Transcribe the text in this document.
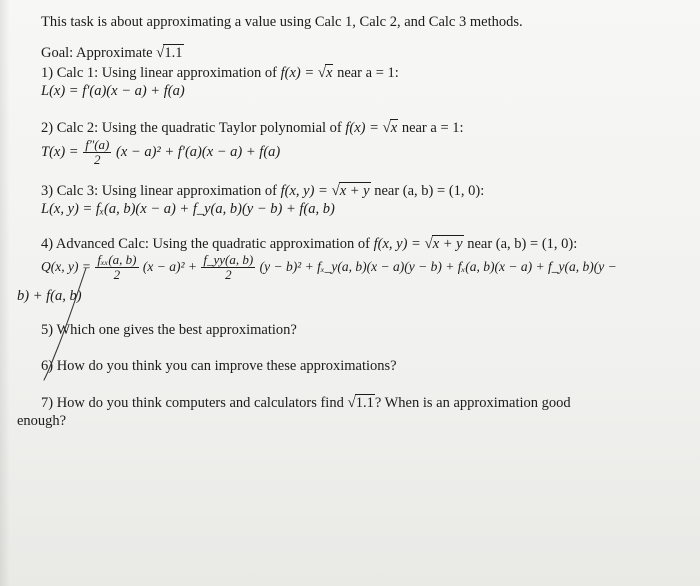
This task is about approximating a value using Calc 1, Calc 2, and Calc 3 methods.
Goal: Approximate √1.1
1) Calc 1: Using linear approximation of f(x) = √x near a = 1:
L(x) = f′(a)(x − a) + f(a)
2) Calc 2: Using the quadratic Taylor polynomial of f(x) = √x near a = 1:
$T(x) = \frac{f''(a)}{2} (x - a)^2 + f'(a)(x - a) + f(a)$
3) Calc 3: Using linear approximation of f(x, y) = √x + y near (a, b) = (1, 0):
L(x, y) = fₓ(a, b)(x − a) + f_y(a, b)(y − b) + f(a, b)
4) Advanced Calc: Using the quadratic approximation of f(x, y) = √x + y near (a, b) = (1, 0):
Q(x, $y) = \frac{\text{fₓₓ(a, b)}}{2} (x - a)^2 + \frac{f\_yy(a, b)}{2} (y - b)^2$ + fₓ_y(a, b)(x − a)(y − b) + fₓ(a, b)(x − a) + f_y(a, b)(y −
b) + f(a, b)
5) Which one gives the best approximation?
6) How do you think you can improve these approximations?
7) How do you think computers and calculators find √1.1? When is an approximation good
enough?
